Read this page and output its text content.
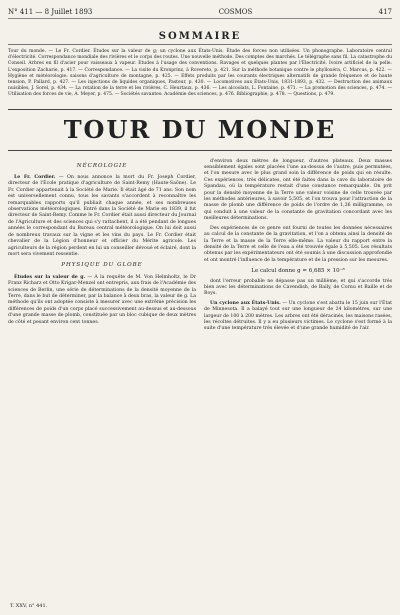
N° 411 — 8 Juillet 1893	COSMOS	417
SOMMAIRE
Tour du monde. — Le Fr. Cordier. Études sur la valeur de g; un cyclone aux États-Unis. Étude des forces non utilisées. Un phonographe. Laboratoire central d'électricité. Correspondance mondiale des rivières et le corps des routes. Une nouvelle méthode. Des comptes des marchés. Le télégraphe sans fil. La catastrophe du Conseil. Arbres en fil d'acier pour vaisseaux à vapeur. Etudes à l'usage des conventions. Ravages et quelques plantes par l'Électricité. Ivoire artificiel de la pelle. L'exposition Zacharie, p. 417. — Correspondance. — La visite du Kronprinz, à Rovereto, p. 421. Sur la méthode botanique contre le phylloxéra, C. Marcus, p. 422. — Hygiène et météorologie: saisons d'agriculture de montagne, p. 425. — Effets produits par les courants électriques alternatifs de grande fréquence et de haute tension, P. Pallard, p. 427. — Les injections de liquides organiques, Pasteur, p. 430. — Locomotives aux États-Unis, 1831-1893, p. 432. — Destruction des animaux nuisibles, J. Sorel, p. 434. — La rotation de la terre et les rivières, C. Heurtaux, p. 436. — Les alcoolats, L. Fontaine, p. 471. — La promotion des sciences, p. 474. — Utilisation des forces de vie, A. Meyer, p. 475. — Sociétés savantes: Académie des sciences, p. 476. Bibliographie, p. 478. — Questions, p. 479.
TOUR DU MONDE
NÉCROLOGIE
Le Fr. Cordier. — On nous annonce la mort du Fr. Joseph Cordier, directeur de l'École pratique d'agriculture de Saint-Remy (Haute-Saône). Le Fr. Cordier appartenait à la Société de Marie. Il était âgé de 71 ans. Son nom est universellement connu, tous les savants s'accordent à reconnaître les remarquables rapports qu'il publiait chaque année, et ses nombreuses observations météorologiques. Entré dans la Société de Marie en 1839, il fut directeur de Saint-Remy. Comme le Fr. Cordier était aussi directeur du Journal de l'Agriculture et des sciences qui s'y rattachent, il a été pendant de longues années le correspondant du Bureau central météorologique. On lui doit aussi de nombreux travaux sur la vigne et les vins du pays. Le Fr. Cordier était chevalier de la Légion d'honneur et officier du Mérite agricole. Les agriculteurs de la région perdent en lui un conseiller dévoué et éclairé, dont la mort sera vivement ressentie.
PHYSIQUE DU GLOBE
Études sur la valeur de g. — A la requête de M. Von Helmholtz, le Dr Franz Richarz et Otto Krigar-Menzel ont entrepris, aux frais de l'Académie des sciences de Berlin, une série de déterminations de la densité moyenne de la Terre, dans le but de déterminer, par la balance à deux bras, la valeur de g. La méthode qu'ils ont adoptée consiste à mesurer avec une extrême précision les différences de poids d'un corps placé successivement au-dessus et au-dessous d'une grande masse de plomb, constituée par un bloc cubique de deux mètres de côté et pesant environ cent tonnes.
d'environ deux mètres de longueur, d'autres plateaux. Deux masses sensiblement égales sont placées l'une au-dessus de l'autre, puis permutées, et l'on mesure avec le plus grand soin la différence de poids qui en résulte. Ces expériences, très délicates, ont été faites dans la cave du laboratoire de Spandau, où la température restait d'une constance remarquable. On prit pour la densité moyenne de la Terre une valeur voisine de celle trouvée par les méthodes antérieures, à savoir 5,505, et l'on trouva pour l'attraction de la masse de plomb une différence de poids de l'ordre de 1,36 milligramme, ce qui conduit à une valeur de la constante de gravitation concordant avec les meilleures déterminations.
Des expériences de ce genre ont fourni de toutes les données nécessaires au calcul de la constante de la gravitation, et l'on a obtenu ainsi la densité de la Terre et la masse de la Terre elle-même. La valeur du rapport entre la densité de la Terre et celle de l'eau a été trouvée égale à 5,505. Les résultats obtenus par les expérimentateurs ont été soumis à une discussion approfondie et ont montré l'influence de la température et de la pression sur les mesures.
Le calcul donne g = 6,685 × 10⁻⁸
dont l'erreur probable ne dépasse pas un millième, et qui s'accorde très bien avec les déterminations de Cavendish, de Baily, de Cornu et Baille et de Boys.
Un cyclone aux États-Unis. — Un cyclone s'est abattu le 15 juin sur l'État de Minnesota. Il a balayé tout sur une longueur de 24 kilomètres, sur une largeur de 100 à 200 mètres. Les arbres ont été déracinés, les maisons rasées, les récoltes détruites. Il y a eu plusieurs victimes. Le cyclone s'est formé à la suite d'une température très élevée et d'une grande humidité de l'air.
T. XXV, n° 441.
